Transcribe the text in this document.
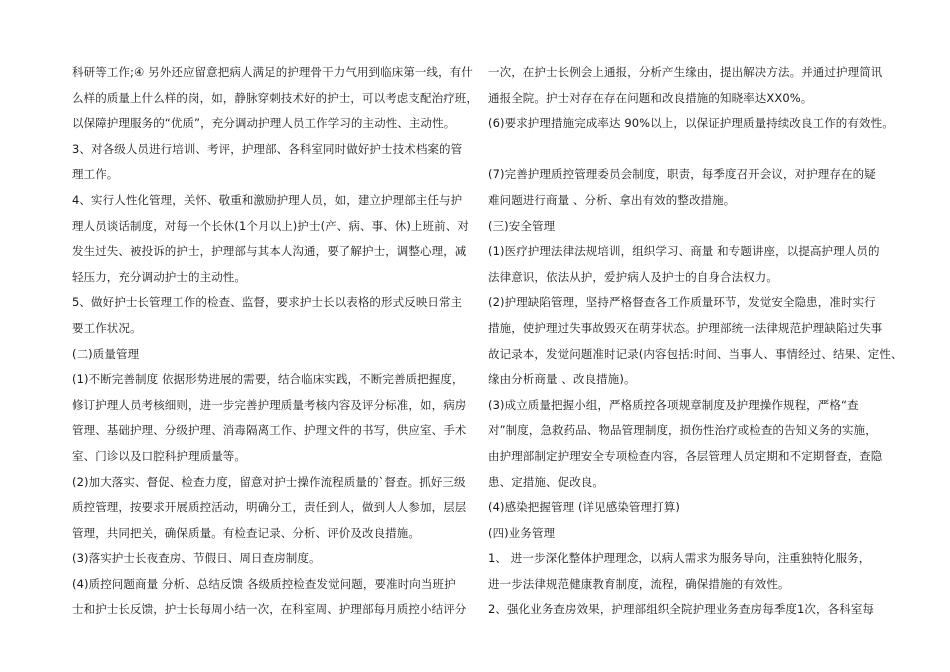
科研等工作;④ 另外还应留意把病人满足的护理骨干力气用到临床第一线，有什
么样的质量上什么样的岗，如，静脉穿刺技术好的护士，可以考虑支配治疗班，
以保障护理服务的“优质”，充分调动护理人员工作学习的主动性、主动性。
3、对各级人员进行培训、考评，护理部、各科室同时做好护士技术档案的管
理工作。
4、实行人性化管理，关怀、敬重和激励护理人员，如，建立护理部主任与护
理人员谈话制度，对每一个长休(1个月以上)护士(产、病、事、休)上班前、对
发生过失、被投诉的护士，护理部与其本人沟通，要了解护士，调整心理，减
轻压力，充分调动护士的主动性。
5、做好护士长管理工作的检查、监督，要求护士长以表格的形式反映日常主
要工作状况。
(二)质量管理
(1)不断完善制度 依据形势进展的需要，结合临床实践，不断完善质把握度，
修订护理人员考核细则，进一步完善护理质量考核内容及评分标准，如，病房
管理、基础护理、分级护理、消毒隔离工作、护理文件的书写，供应室、手术
室、门诊以及口腔科护理质量等。
(2)加大落实、督促、检查力度，留意对护士操作流程质量的`督查。抓好三级
质控管理，按要求开展质控活动，明确分工，责任到人，做到人人参加，层层
管理，共同把关，确保质量。有检查记录、分析、评价及改良措施。
(3)落实护士长夜查房、节假日、周日查房制度。
(4)质控问题商量 分析、总结反馈 各级质控检查发觉问题，要准时向当班护
士和护士长反馈，护士长每周小结一次，在科室周、护理部每月质控小结评分
一次，在护士长例会上通报，分析产生缘由，提出解决方法。并通过护理简讯
通报全院。护士对存在存在问题和改良措施的知晓率达XX0%。
(6)要求护理措施完成率达 90%以上，以保证护理质量持续改良工作的有效性。
(7)完善护理质控管理委员会制度，职责，每季度召开会议，对护理存在的疑
难问题进行商量 、分析、拿出有效的整改措施。
(三)安全管理
(1)医疗护理法律法规培训，组织学习、商量 和专题讲座，以提高护理人员的
法律意识，依法从护，爱护病人及护士的自身合法权力。
(2)护理缺陷管理，坚持严格督查各工作质量环节，发觉安全隐患，准时实行
措施，使护理过失事故毁灭在萌芽状态。护理部统一法律规范护理缺陷过失事
故记录本，发觉问题准时记录(内容包括:时间、当事人、事情经过、结果、定性、
缘由分析商量 、改良措施)。
(3)成立质量把握小组，严格质控各项规章制度及护理操作规程，严格“查
对”制度，急救药品、物品管理制度，损伤性治疗或检查的告知义务的实施，
由护理部制定护理安全专项检查内容，各层管理人员定期和不定期督查，查隐
患、定措施、促改良。
(4)感染把握管理 (详见感染管理打算)
(四)业务管理
1、 进一步深化整体护理理念，以病人需求为服务导向，注重独特化服务，
进一步法律规范健康教育制度，流程，确保措施的有效性。
2、强化业务查房效果，护理部组织全院护理业务查房每季度1次，各科室每
